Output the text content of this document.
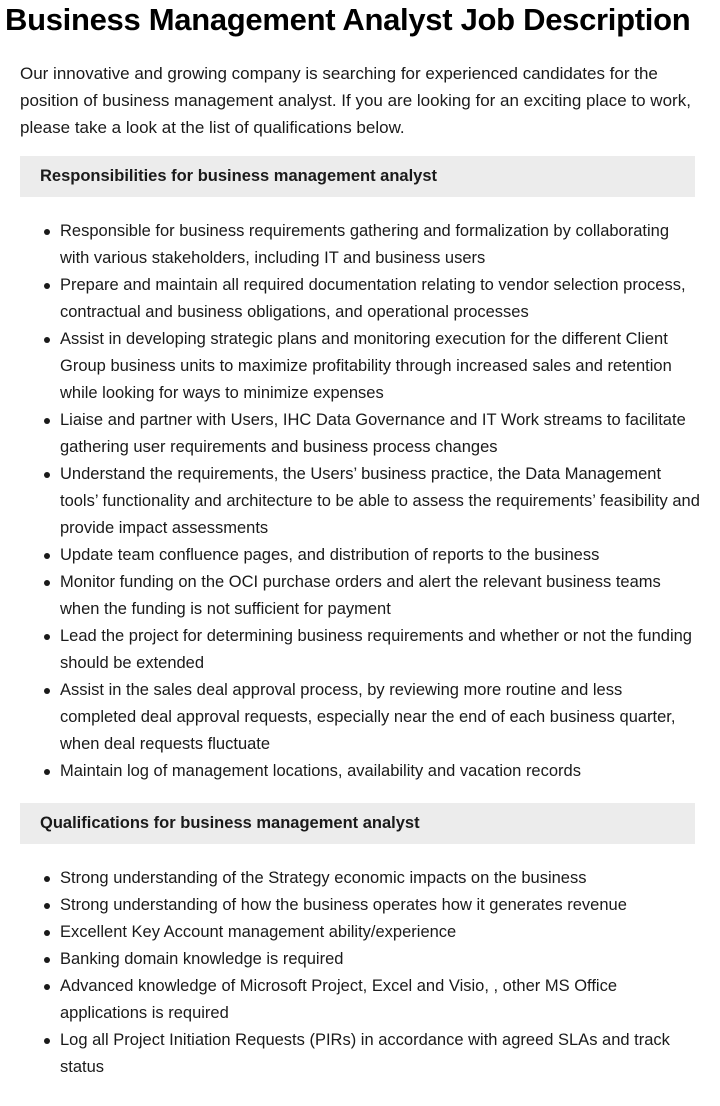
Business Management Analyst Job Description

Our innovative and growing company is searching for experienced candidates for the position of business management analyst. If you are looking for an exciting place to work, please take a look at the list of qualifications below.

Responsibilities for business management analyst
Responsible for business requirements gathering and formalization by collaborating with various stakeholders, including IT and business users
Prepare and maintain all required documentation relating to vendor selection process, contractual and business obligations, and operational processes
Assist in developing strategic plans and monitoring execution for the different Client Group business units to maximize profitability through increased sales and retention while looking for ways to minimize expenses
Liaise and partner with Users, IHC Data Governance and IT Work streams to facilitate gathering user requirements and business process changes
Understand the requirements, the Users’ business practice, the Data Management tools’ functionality and architecture to be able to assess the requirements’ feasibility and provide impact assessments
Update team confluence pages, and distribution of reports to the business
Monitor funding on the OCI purchase orders and alert the relevant business teams when the funding is not sufficient for payment
Lead the project for determining business requirements and whether or not the funding should be extended
Assist in the sales deal approval process, by reviewing more routine and less completed deal approval requests, especially near the end of each business quarter, when deal requests fluctuate
Maintain log of management locations, availability and vacation records
Qualifications for business management analyst
Strong understanding of the Strategy economic impacts on the business
Strong understanding of how the business operates how it generates revenue
Excellent Key Account management ability/experience
Banking domain knowledge is required
Advanced knowledge of Microsoft Project, Excel and Visio, , other MS Office applications is required
Log all Project Initiation Requests (PIRs) in accordance with agreed SLAs and track status
